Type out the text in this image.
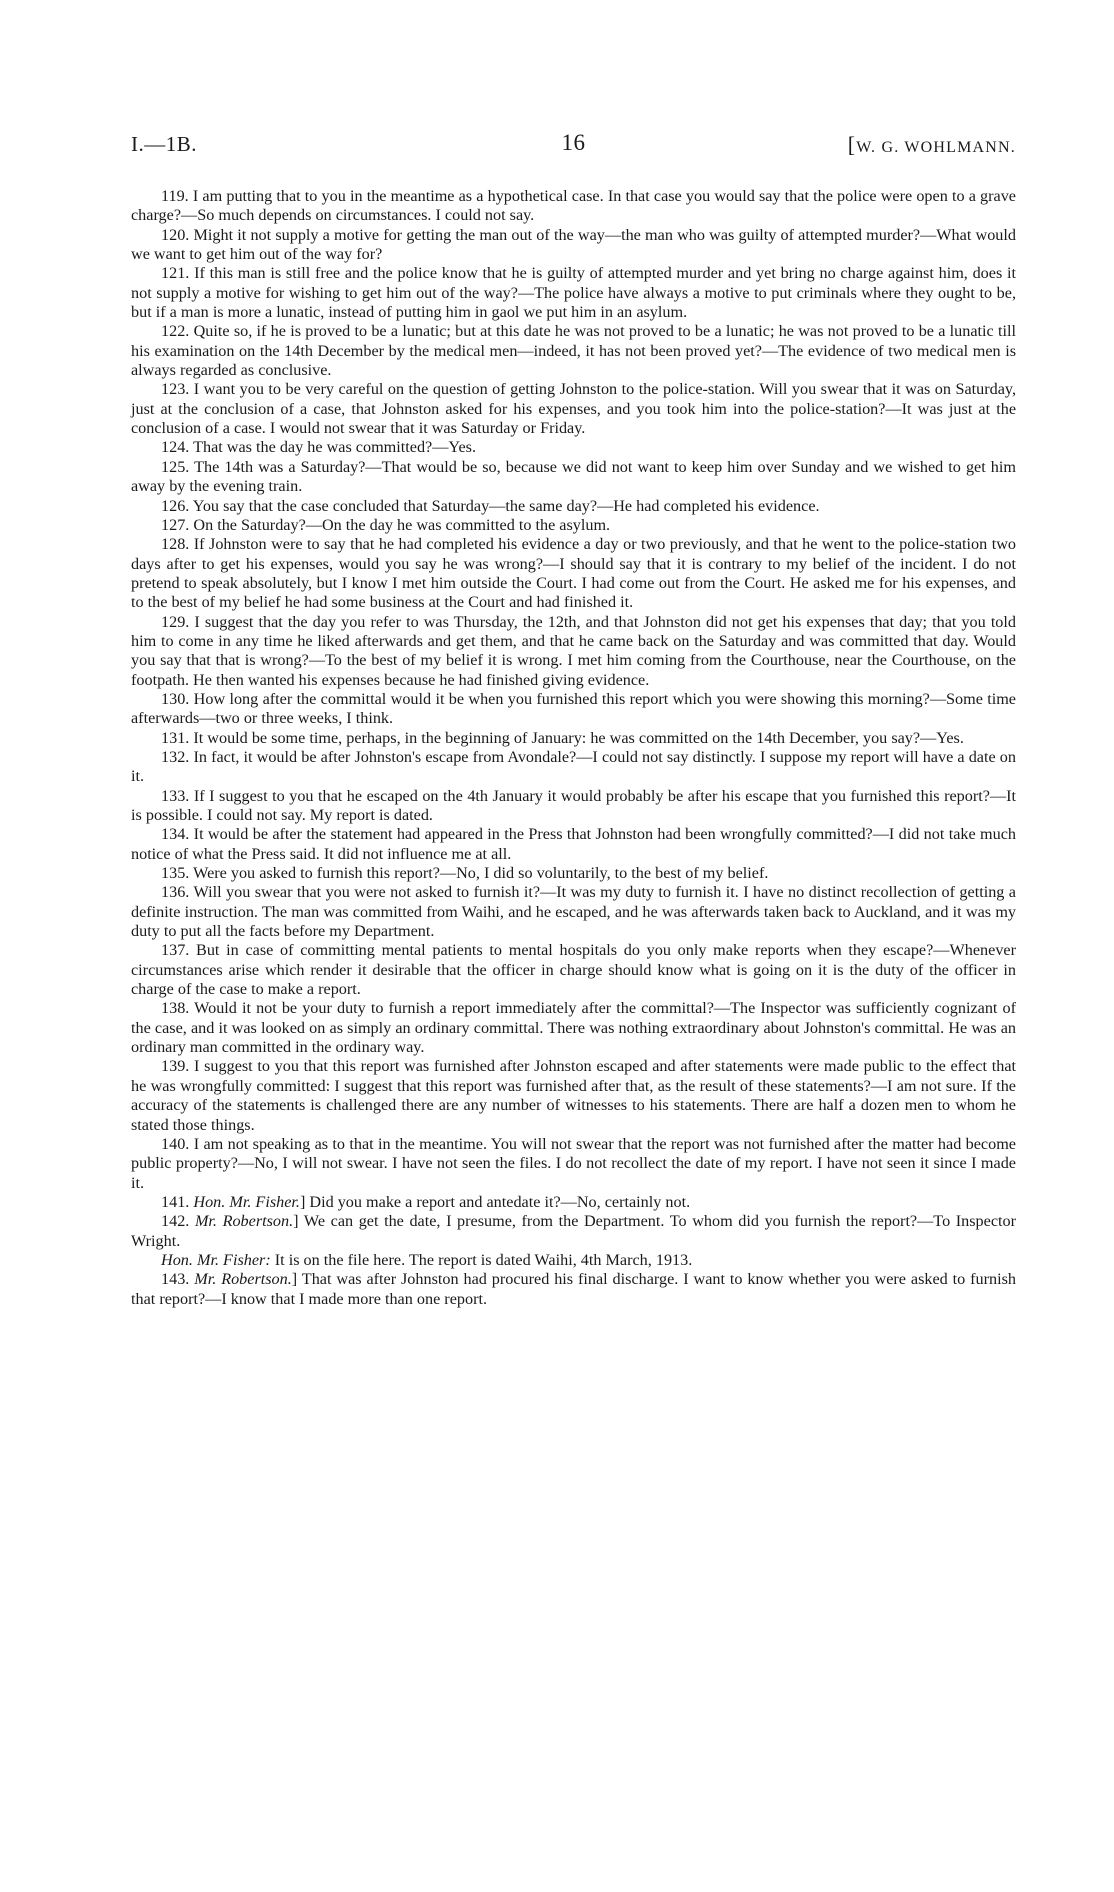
I.—1B.	16	[W. G. WOHLMANN.

119. I am putting that to you in the meantime as a hypothetical case. In that case you would say that the police were open to a grave charge?—So much depends on circumstances. I could not say.

120. Might it not supply a motive for getting the man out of the way—the man who was guilty of attempted murder?—What would we want to get him out of the way for?

121. If this man is still free and the police know that he is guilty of attempted murder and yet bring no charge against him, does it not supply a motive for wishing to get him out of the way?—The police have always a motive to put criminals where they ought to be, but if a man is more a lunatic, instead of putting him in gaol we put him in an asylum.

122. Quite so, if he is proved to be a lunatic; but at this date he was not proved to be a lunatic; he was not proved to be a lunatic till his examination on the 14th December by the medical men—indeed, it has not been proved yet?—The evidence of two medical men is always regarded as conclusive.

123. I want you to be very careful on the question of getting Johnston to the police-station. Will you swear that it was on Saturday, just at the conclusion of a case, that Johnston asked for his expenses, and you took him into the police-station?—It was just at the conclusion of a case. I would not swear that it was Saturday or Friday.

124. That was the day he was committed?—Yes.

125. The 14th was a Saturday?—That would be so, because we did not want to keep him over Sunday and we wished to get him away by the evening train.

126. You say that the case concluded that Saturday—the same day?—He had completed his evidence.

127. On the Saturday?—On the day he was committed to the asylum.

128. If Johnston were to say that he had completed his evidence a day or two previously, and that he went to the police-station two days after to get his expenses, would you say he was wrong?—I should say that it is contrary to my belief of the incident. I do not pretend to speak absolutely, but I know I met him outside the Court. I had come out from the Court. He asked me for his expenses, and to the best of my belief he had some business at the Court and had finished it.

129. I suggest that the day you refer to was Thursday, the 12th, and that Johnston did not get his expenses that day; that you told him to come in any time he liked afterwards and get them, and that he came back on the Saturday and was committed that day. Would you say that that is wrong?—To the best of my belief it is wrong. I met him coming from the Courthouse, near the Courthouse, on the footpath. He then wanted his expenses because he had finished giving evidence.

130. How long after the committal would it be when you furnished this report which you were showing this morning?—Some time afterwards—two or three weeks, I think.

131. It would be some time, perhaps, in the beginning of January: he was committed on the 14th December, you say?—Yes.

132. In fact, it would be after Johnston's escape from Avondale?—I could not say distinctly. I suppose my report will have a date on it.

133. If I suggest to you that he escaped on the 4th January it would probably be after his escape that you furnished this report?—It is possible. I could not say. My report is dated.

134. It would be after the statement had appeared in the Press that Johnston had been wrongfully committed?—I did not take much notice of what the Press said. It did not influence me at all.

135. Were you asked to furnish this report?—No, I did so voluntarily, to the best of my belief.

136. Will you swear that you were not asked to furnish it?—It was my duty to furnish it. I have no distinct recollection of getting a definite instruction. The man was committed from Waihi, and he escaped, and he was afterwards taken back to Auckland, and it was my duty to put all the facts before my Department.

137. But in case of committing mental patients to mental hospitals do you only make reports when they escape?—Whenever circumstances arise which render it desirable that the officer in charge should know what is going on it is the duty of the officer in charge of the case to make a report.

138. Would it not be your duty to furnish a report immediately after the committal?—The Inspector was sufficiently cognizant of the case, and it was looked on as simply an ordinary committal. There was nothing extraordinary about Johnston's committal. He was an ordinary man committed in the ordinary way.

139. I suggest to you that this report was furnished after Johnston escaped and after statements were made public to the effect that he was wrongfully committed: I suggest that this report was furnished after that, as the result of these statements?—I am not sure. If the accuracy of the statements is challenged there are any number of witnesses to his statements. There are half a dozen men to whom he stated those things.

140. I am not speaking as to that in the meantime. You will not swear that the report was not furnished after the matter had become public property?—No, I will not swear. I have not seen the files. I do not recollect the date of my report. I have not seen it since I made it.

141. Hon. Mr. Fisher.] Did you make a report and antedate it?—No, certainly not.

142. Mr. Robertson.] We can get the date, I presume, from the Department. To whom did you furnish the report?—To Inspector Wright.

Hon. Mr. Fisher: It is on the file here. The report is dated Waihi, 4th March, 1913.

143. Mr. Robertson.] That was after Johnston had procured his final discharge. I want to know whether you were asked to furnish that report?—I know that I made more than one report.
